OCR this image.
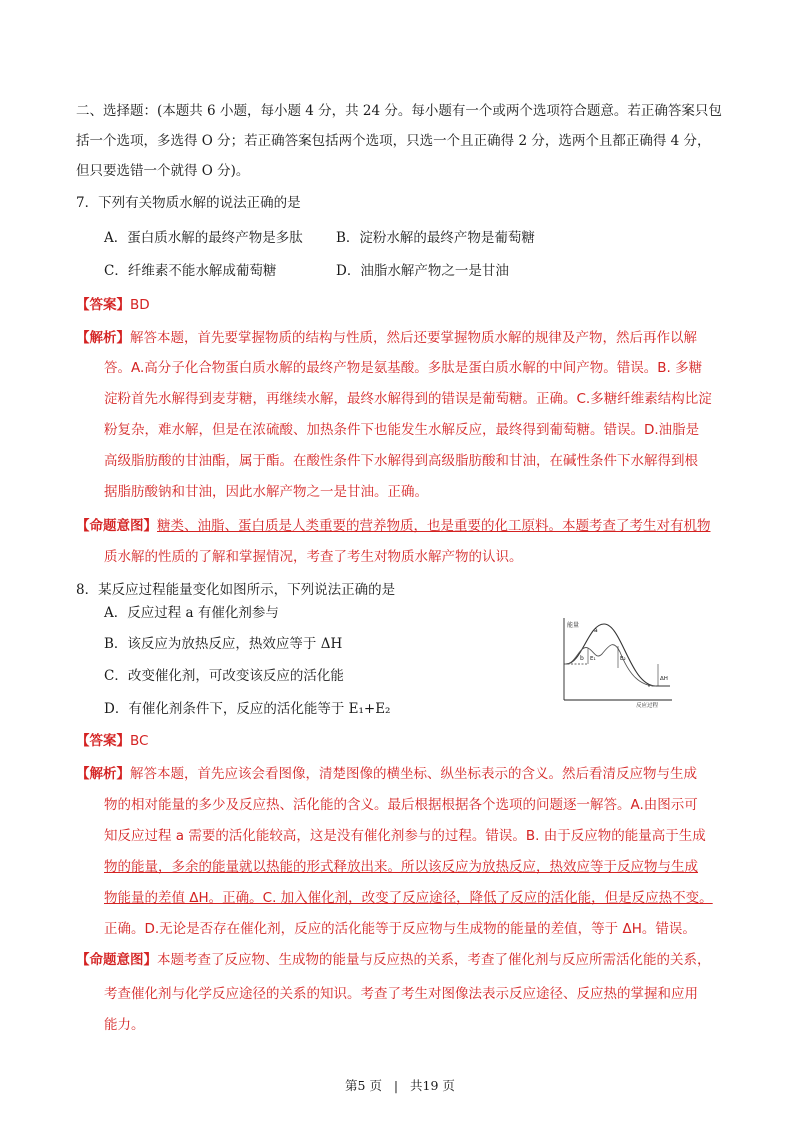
二、选择题：(本题共 6 小题，每小题 4 分，共 24 分。每小题有一个或两个选项符合题意。若正确答案只包
括一个选项，多选得 O 分；若正确答案包括两个选项，只选一个且正确得 2 分，选两个且都正确得 4 分，
但只要选错一个就得 O 分)。
7．下列有关物质水解的说法正确的是
A．蛋白质水解的最终产物是多肽 B．淀粉水解的最终产物是葡萄糖
C．纤维素不能水解成葡萄糖	D．油脂水解产物之一是甘油
【答案】BD
【解析】解答本题，首先要掌握物质的结构与性质，然后还要掌握物质水解的规律及产物，然后再作以解
答。A.高分子化合物蛋白质水解的最终产物是氨基酸。多肽是蛋白质水解的中间产物。错误。B. 多糖
淀粉首先水解得到麦芽糖，再继续水解，最终水解得到的错误是葡萄糖。正确。C.多糖纤维素结构比淀
粉复杂，难水解，但是在浓硫酸、加热条件下也能发生水解反应，最终得到葡萄糖。错误。D.油脂是
高级脂肪酸的甘油酯，属于酯。在酸性条件下水解得到高级脂肪酸和甘油，在碱性条件下水解得到根
据脂肪酸钠和甘油，因此水解产物之一是甘油。正确。
【命题意图】糖类、油脂、蛋白质是人类重要的营养物质，也是重要的化工原料。本题考查了考生对有机物
质水解的性质的了解和掌握情况，考查了考生对物质水解产物的认识。
8．某反应过程能量变化如图所示，下列说法正确的是
A．反应过程 a 有催化剂参与
B．该反应为放热反应，热效应等于 ΔH
C．改变催化剂，可改变该反应的活化能
D．有催化剂条件下，反应的活化能等于 E₁+E₂
能量
反应过程
a
b E₁	E₂
ΔH
【答案】BC
【解析】解答本题，首先应该会看图像，清楚图像的横坐标、纵坐标表示的含义。然后看清反应物与生成
物的相对能量的多少及反应热、活化能的含义。最后根据根据各个选项的问题逐一解答。A.由图示可
知反应过程 a 需要的活化能较高，这是没有催化剂参与的过程。错误。B. 由于反应物的能量高于生成
物的能量，多余的能量就以热能的形式释放出来。所以该反应为放热反应，热效应等于反应物与生成
物能量的差值 ΔH。正确。C. 加入催化剂，改变了反应途径，降低了反应的活化能，但是反应热不变。
正确。D.无论是否存在催化剂，反应的活化能等于反应物与生成物的能量的差值，等于 ΔH。错误。
【命题意图】本题考查了反应物、生成物的能量与反应热的关系，考查了催化剂与反应所需活化能的关系，
考查催化剂与化学反应途径的关系的知识。考查了考生对图像法表示反应途径、反应热的掌握和应用
能力。
第5 页 | 共19 页
